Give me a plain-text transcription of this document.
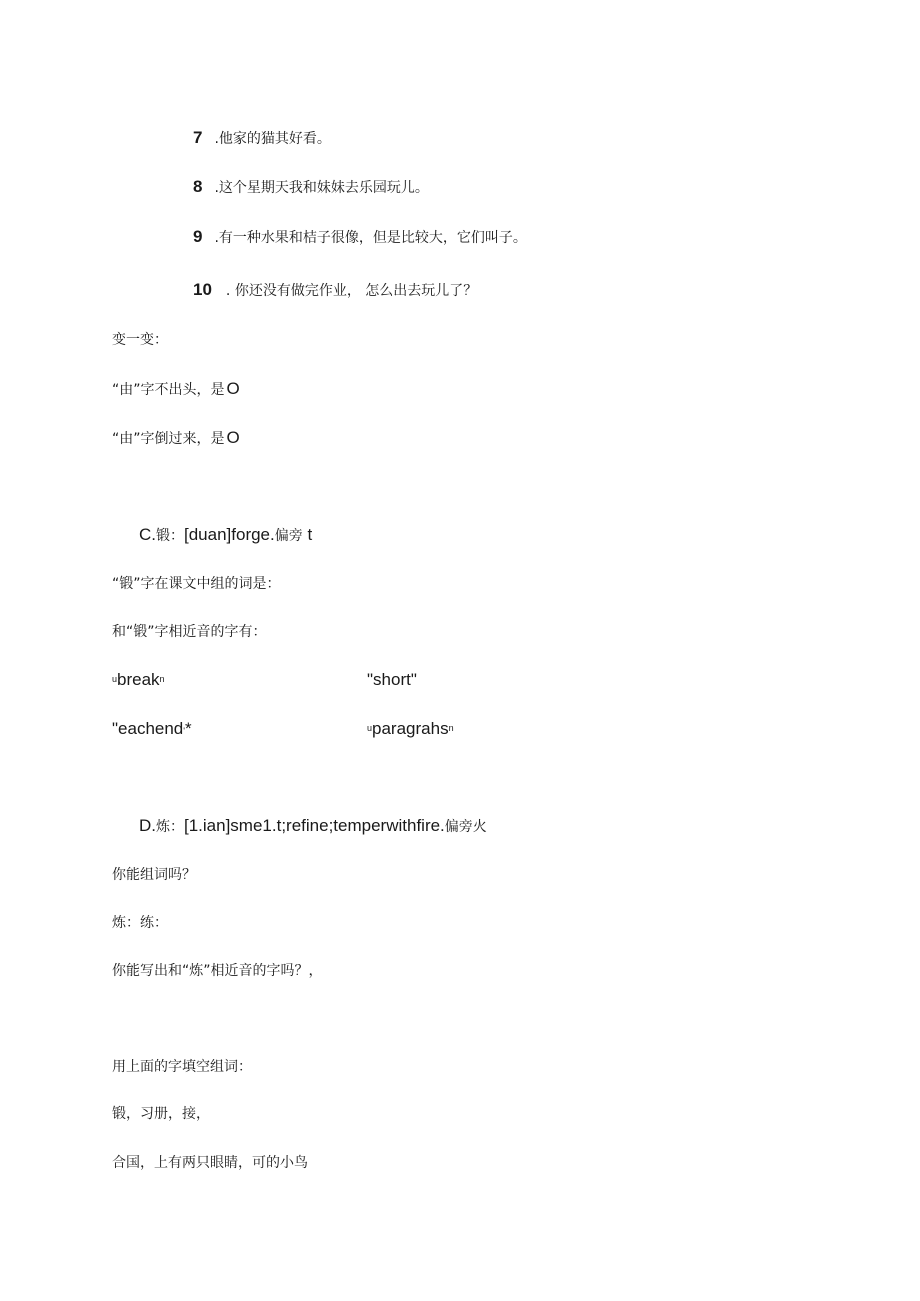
7 .他家的猫其好看。
8 .这个星期天我和妹妹去乐园玩儿。
9 .有一种水果和桔子很像，但是比较大，它们叫子。
10 . 你还没有做完作业， 怎么出去玩儿了？
变一变：
“由”字不出头，是 O
“由”字倒过来，是 O
C.锻：[duan]forge.偏旁 t
“锻”字在课文中组的词是：
和“锻”字相近音的字有：
$^u$break$^n$	"short"
"eachend'*	$^u$paragrahs$^n$
D.炼：[1.ian]sme1.t;refine;temperwithfire.偏旁火
你能组词吗？
炼：练：
你能写出和“炼”相近音的字吗？，
用上面的字填空组词：
锻，习册，接，
合国，上有两只眼睛，可的小鸟
